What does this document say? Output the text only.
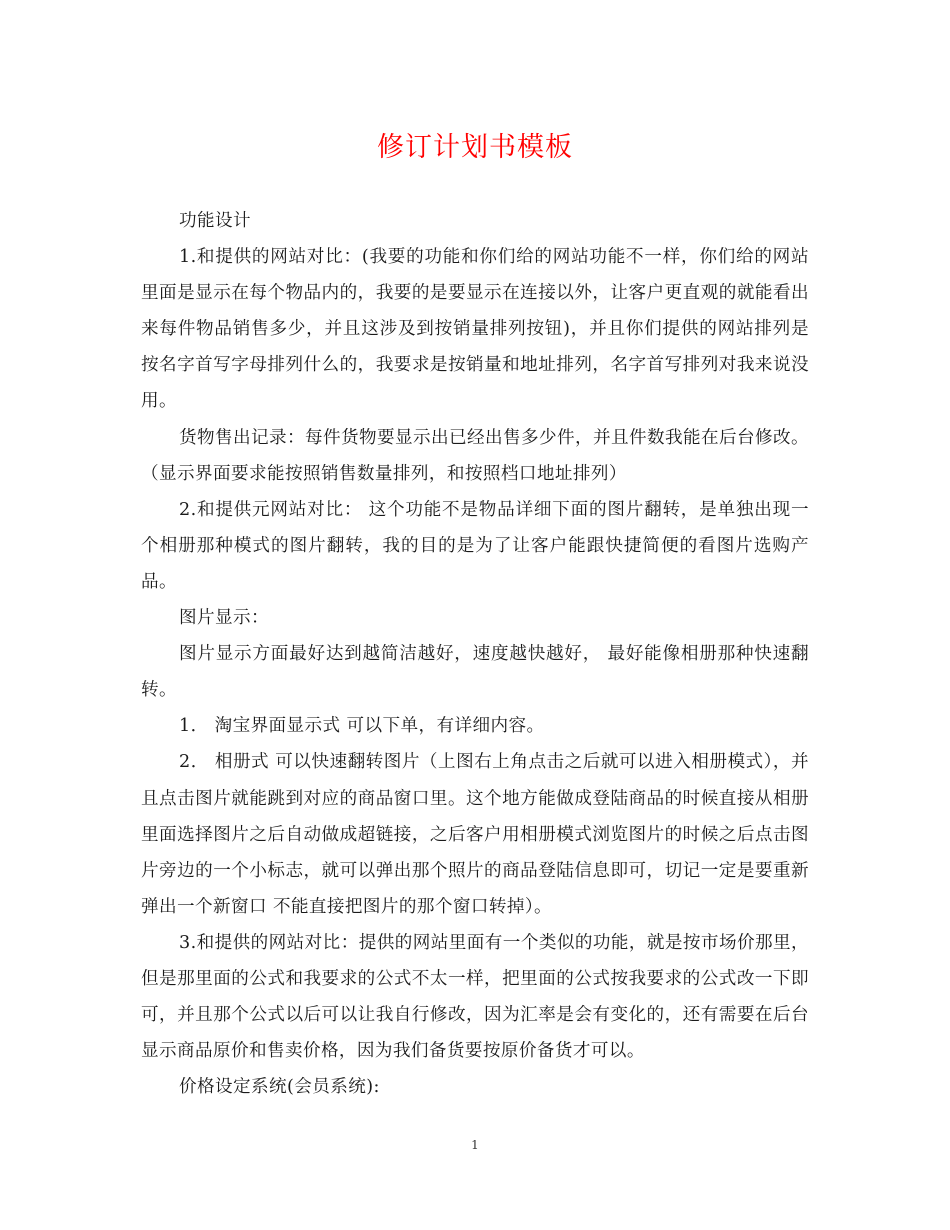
修订计划书模板

功能设计

1.和提供的网站对比：(我要的功能和你们给的网站功能不一样，你们给的网站里面是显示在每个物品内的，我要的是要显示在连接以外，让客户更直观的就能看出来每件物品销售多少，并且这涉及到按销量排列按钮)，并且你们提供的网站排列是按名字首写字母排列什么的，我要求是按销量和地址排列，名字首写排列对我来说没用。

货物售出记录：每件货物要显示出已经出售多少件，并且件数我能在后台修改。 （显示界面要求能按照销售数量排列，和按照档口地址排列）

2.和提供元网站对比： 这个功能不是物品详细下面的图片翻转，是单独出现一个相册那种模式的图片翻转，我的目的是为了让客户能跟快捷简便的看图片选购产品。

图片显示：

图片显示方面最好达到越简洁越好，速度越快越好， 最好能像相册那种快速翻转。

1． 淘宝界面显示式 可以下单，有详细内容。

2． 相册式 可以快速翻转图片（上图右上角点击之后就可以进入相册模式），并且点击图片就能跳到对应的商品窗口里。这个地方能做成登陆商品的时候直接从相册里面选择图片之后自动做成超链接，之后客户用相册模式浏览图片的时候之后点击图片旁边的一个小标志，就可以弹出那个照片的商品登陆信息即可，切记一定是要重新弹出一个新窗口 不能直接把图片的那个窗口转掉）。

3.和提供的网站对比：提供的网站里面有一个类似的功能，就是按市场价那里，但是那里面的公式和我要求的公式不太一样，把里面的公式按我要求的公式改一下即可，并且那个公式以后可以让我自行修改，因为汇率是会有变化的，还有需要在后台显示商品原价和售卖价格，因为我们备货要按原价备货才可以。

价格设定系统(会员系统):

1
